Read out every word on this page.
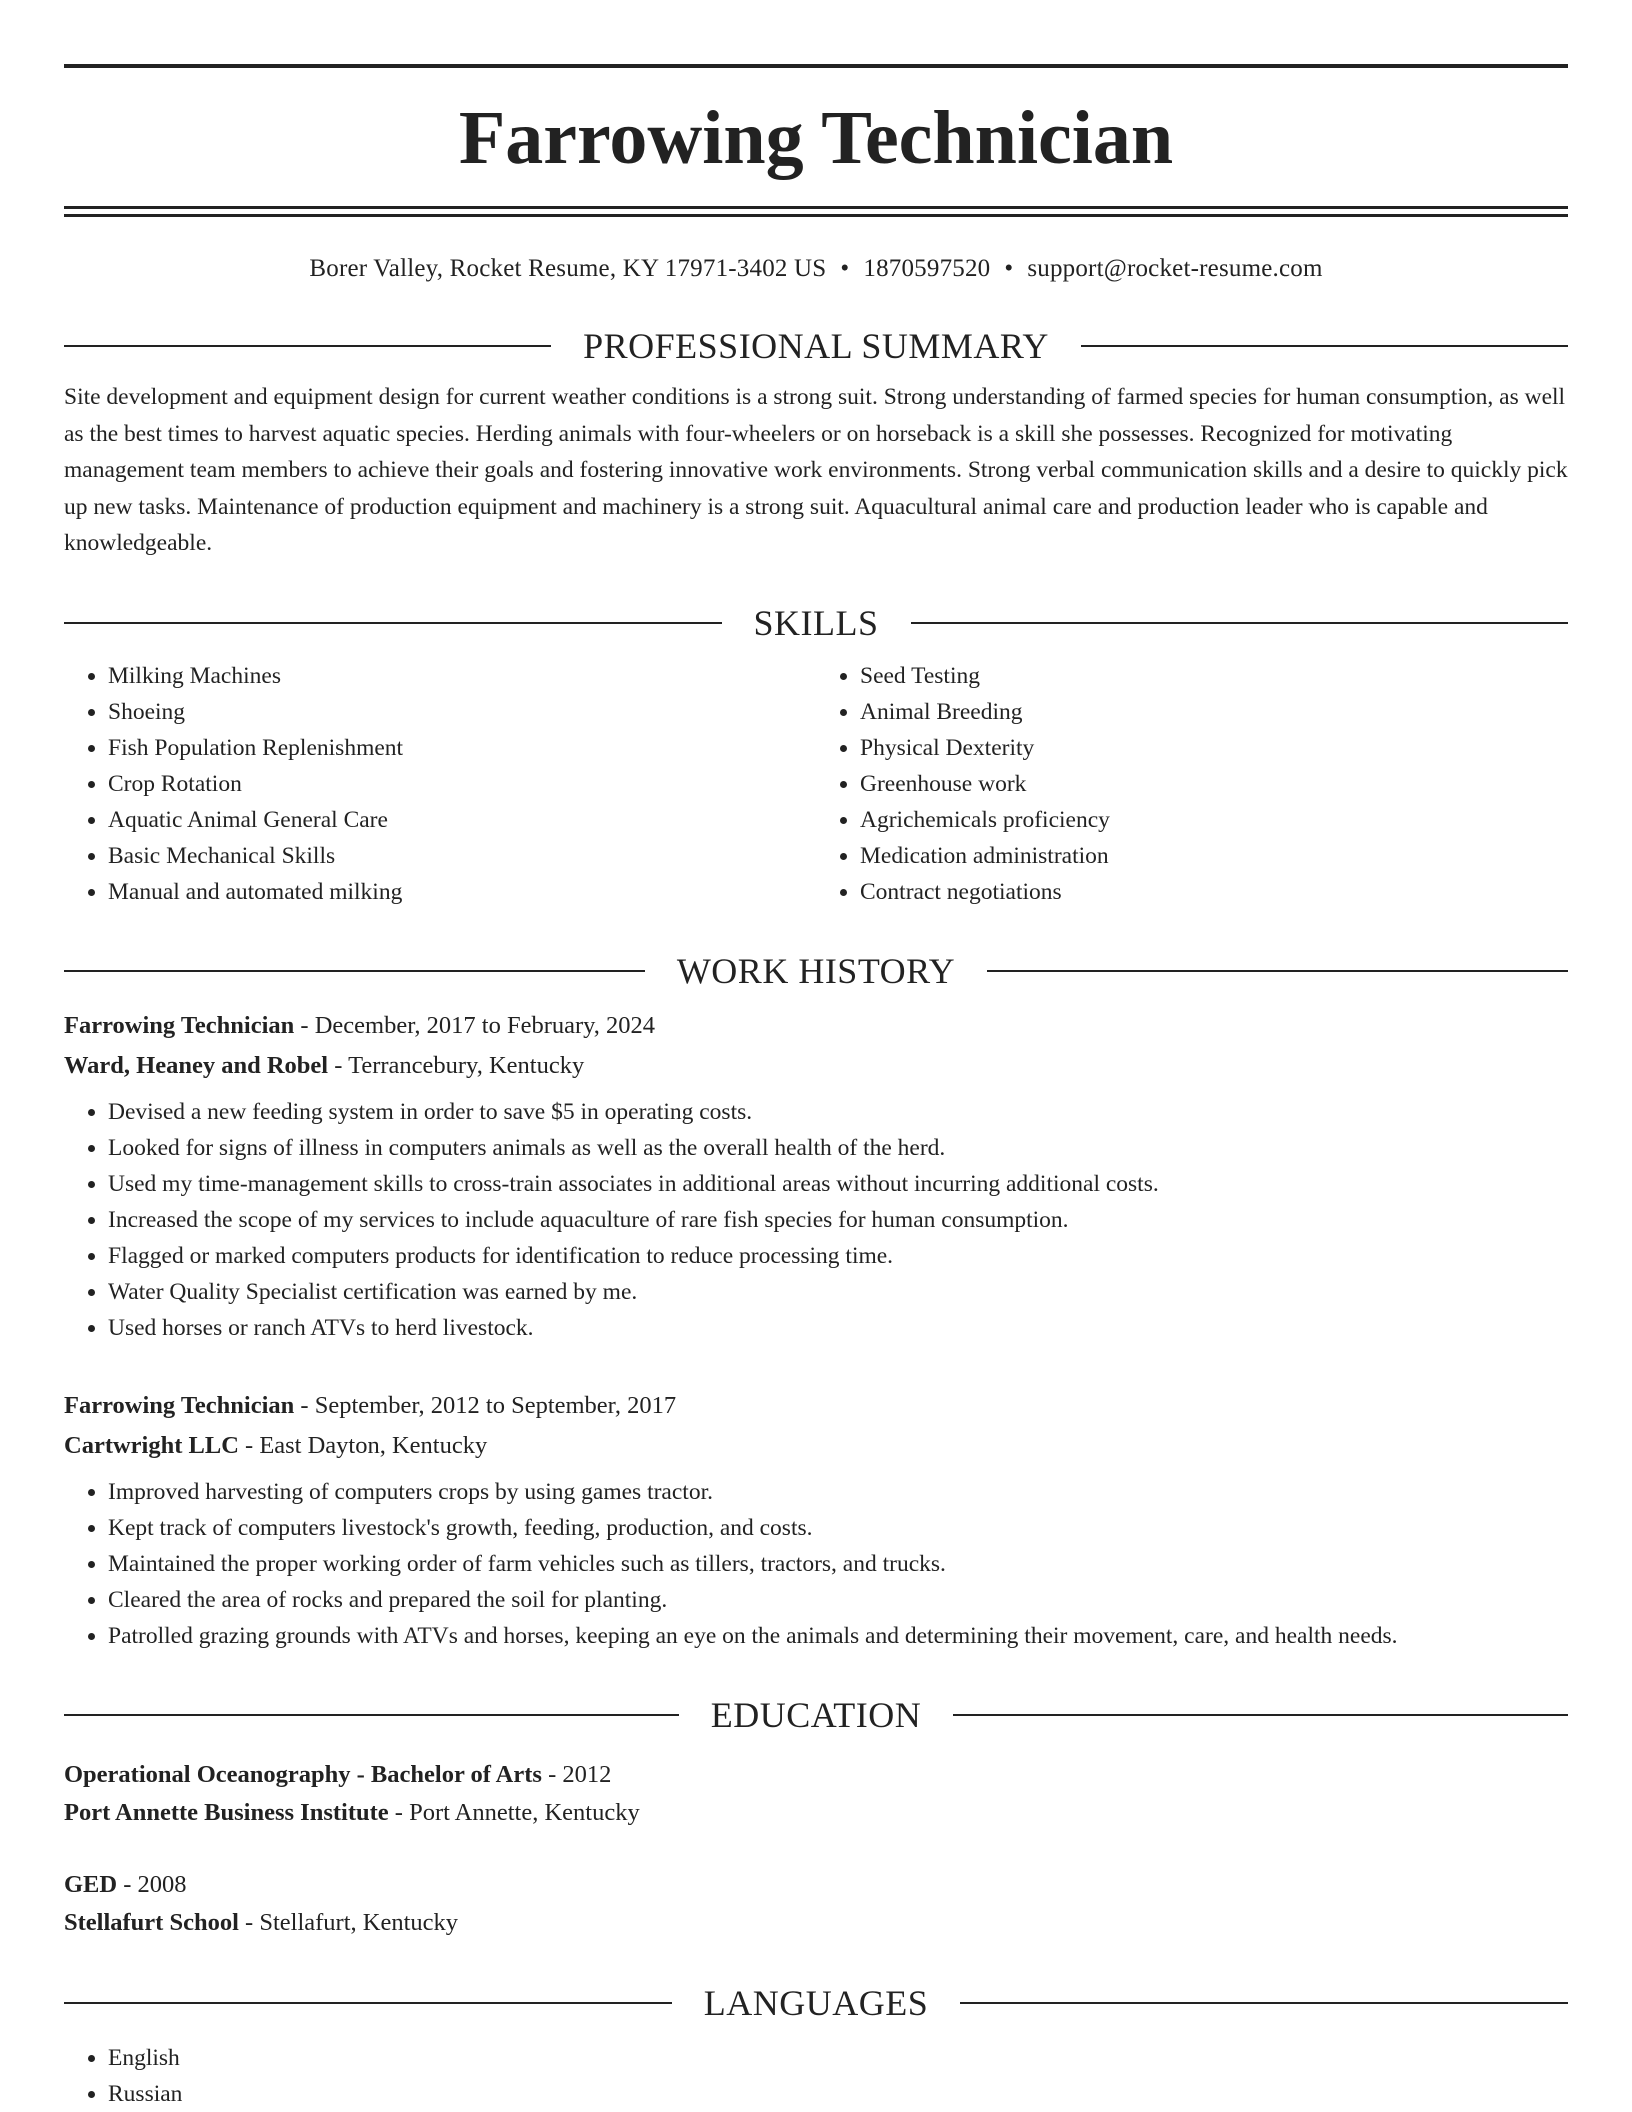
Farrowing Technician
Borer Valley, Rocket Resume, KY 17971-3402 US • 1870597520 • support@rocket-resume.com
PROFESSIONAL SUMMARY
Site development and equipment design for current weather conditions is a strong suit. Strong understanding of farmed species for human consumption, as well as the best times to harvest aquatic species. Herding animals with four-wheelers or on horseback is a skill she possesses. Recognized for motivating management team members to achieve their goals and fostering innovative work environments. Strong verbal communication skills and a desire to quickly pick up new tasks. Maintenance of production equipment and machinery is a strong suit. Aquacultural animal care and production leader who is capable and knowledgeable.
SKILLS
• Milking Machines
• Shoeing
• Fish Population Replenishment
• Crop Rotation
• Aquatic Animal General Care
• Basic Mechanical Skills
• Manual and automated milking
• Seed Testing
• Animal Breeding
• Physical Dexterity
• Greenhouse work
• Agrichemicals proficiency
• Medication administration
• Contract negotiations
WORK HISTORY
Farrowing Technician - December, 2017 to February, 2024
Ward, Heaney and Robel - Terrancebury, Kentucky
• Devised a new feeding system in order to save $5 in operating costs.
• Looked for signs of illness in computers animals as well as the overall health of the herd.
• Used my time-management skills to cross-train associates in additional areas without incurring additional costs.
• Increased the scope of my services to include aquaculture of rare fish species for human consumption.
• Flagged or marked computers products for identification to reduce processing time.
• Water Quality Specialist certification was earned by me.
• Used horses or ranch ATVs to herd livestock.
Farrowing Technician - September, 2012 to September, 2017
Cartwright LLC - East Dayton, Kentucky
• Improved harvesting of computers crops by using games tractor.
• Kept track of computers livestock's growth, feeding, production, and costs.
• Maintained the proper working order of farm vehicles such as tillers, tractors, and trucks.
• Cleared the area of rocks and prepared the soil for planting.
• Patrolled grazing grounds with ATVs and horses, keeping an eye on the animals and determining their movement, care, and health needs.
EDUCATION
Operational Oceanography - Bachelor of Arts - 2012
Port Annette Business Institute - Port Annette, Kentucky
GED - 2008
Stellafurt School - Stellafurt, Kentucky
LANGUAGES
• English
• Russian
